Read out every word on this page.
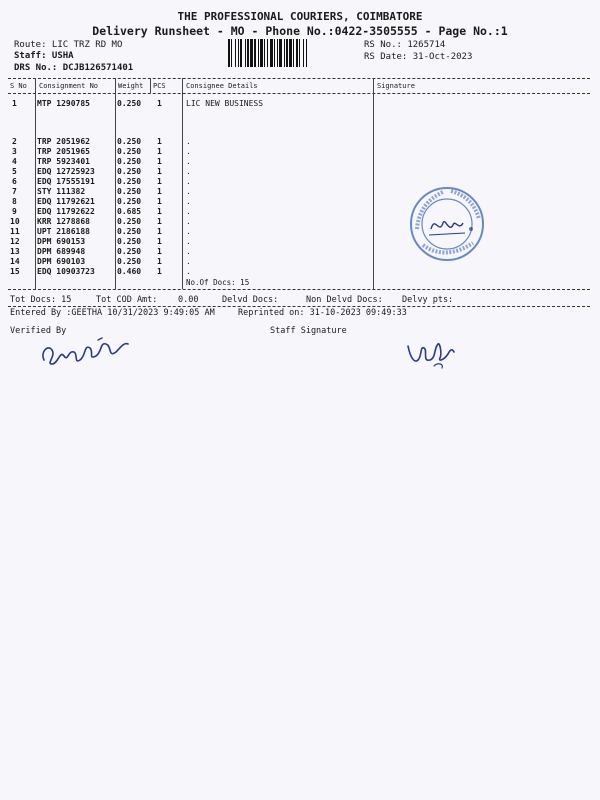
THE PROFESSIONAL COURIERS, COIMBATORE
Delivery Runsheet - MO - Phone No.:0422-3505555 - Page No.:1
Route: LIC TRZ RD MO
Staff: USHA
DRS No.: DCJB126571401
RS No.: 1265714
RS Date: 31-Oct-2023
S No Consignment No	Weight PCS	Consignee Details	Signature
1	MTP 1290785	0.250 1	LIC NEW BUSINESS
2	TRP 2051962	0.250 1	.
3	TRP 2051965	0.250 1	.
4	TRP 5923401	0.250 1	.
5	EDQ 12725923	0.250 1	.
6	EDQ 17555191	0.250 1	.
7	STY 111382	0.250 1	.
8	EDQ 11792621	0.250 1	.
9	EDQ 11792622	0.685 1	.
10 KRR 1278868	0.250 1	.
11 UPT 2186188	0.250 1	.
12 DPM 690153	0.250 1	.
13 DPM 689948	0.250 1	.
14 DPM 690103	0.250 1	.
15 EDQ 10903723	0.460 1	.
No.Of Docs: 15
Tot Docs: 15	Tot COD Amt: 0.00	Delvd Docs:	Non Delvd Docs: Delvy pts:
Entered By :GEETHA 10/31/2023 9:49:05 AM	Reprinted on: 31-10-2023 09:49:33
Verified By	Staff Signature
